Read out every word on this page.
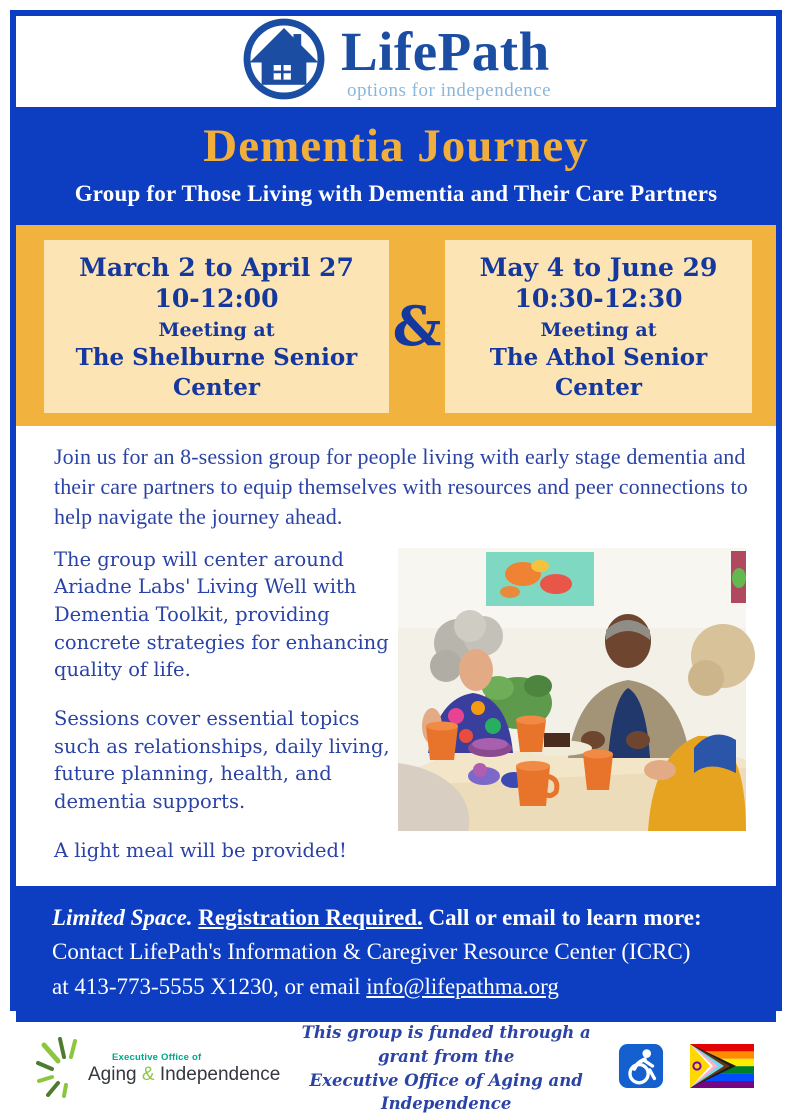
LifePath
options for independence
Dementia Journey
Group for Those Living with Dementia and Their Care Partners
March 2 to April 27
10-12:00
Meeting at
The Shelburne Senior Center
&
May 4 to June 29
10:30-12:30
Meeting at
The Athol Senior Center

Join us for an 8-session group for people living with early stage dementia and their care partners to equip themselves with resources and peer connections to help navigate the journey ahead.

The group will center around Ariadne Labs' Living Well with Dementia Toolkit, providing concrete strategies for enhancing quality of life.

Sessions cover essential topics such as relationships, daily living, future planning, health, and dementia supports.

A light meal will be provided!

Limited Space. Registration Required. Call or email to learn more:
Contact LifePath's Information & Caregiver Resource Center (ICRC)
at 413-773-5555 X1230, or email info@lifepathma.org
Executive Office of
Aging & Independence
This group is funded through a grant from the
Executive Office of Aging and Independence
